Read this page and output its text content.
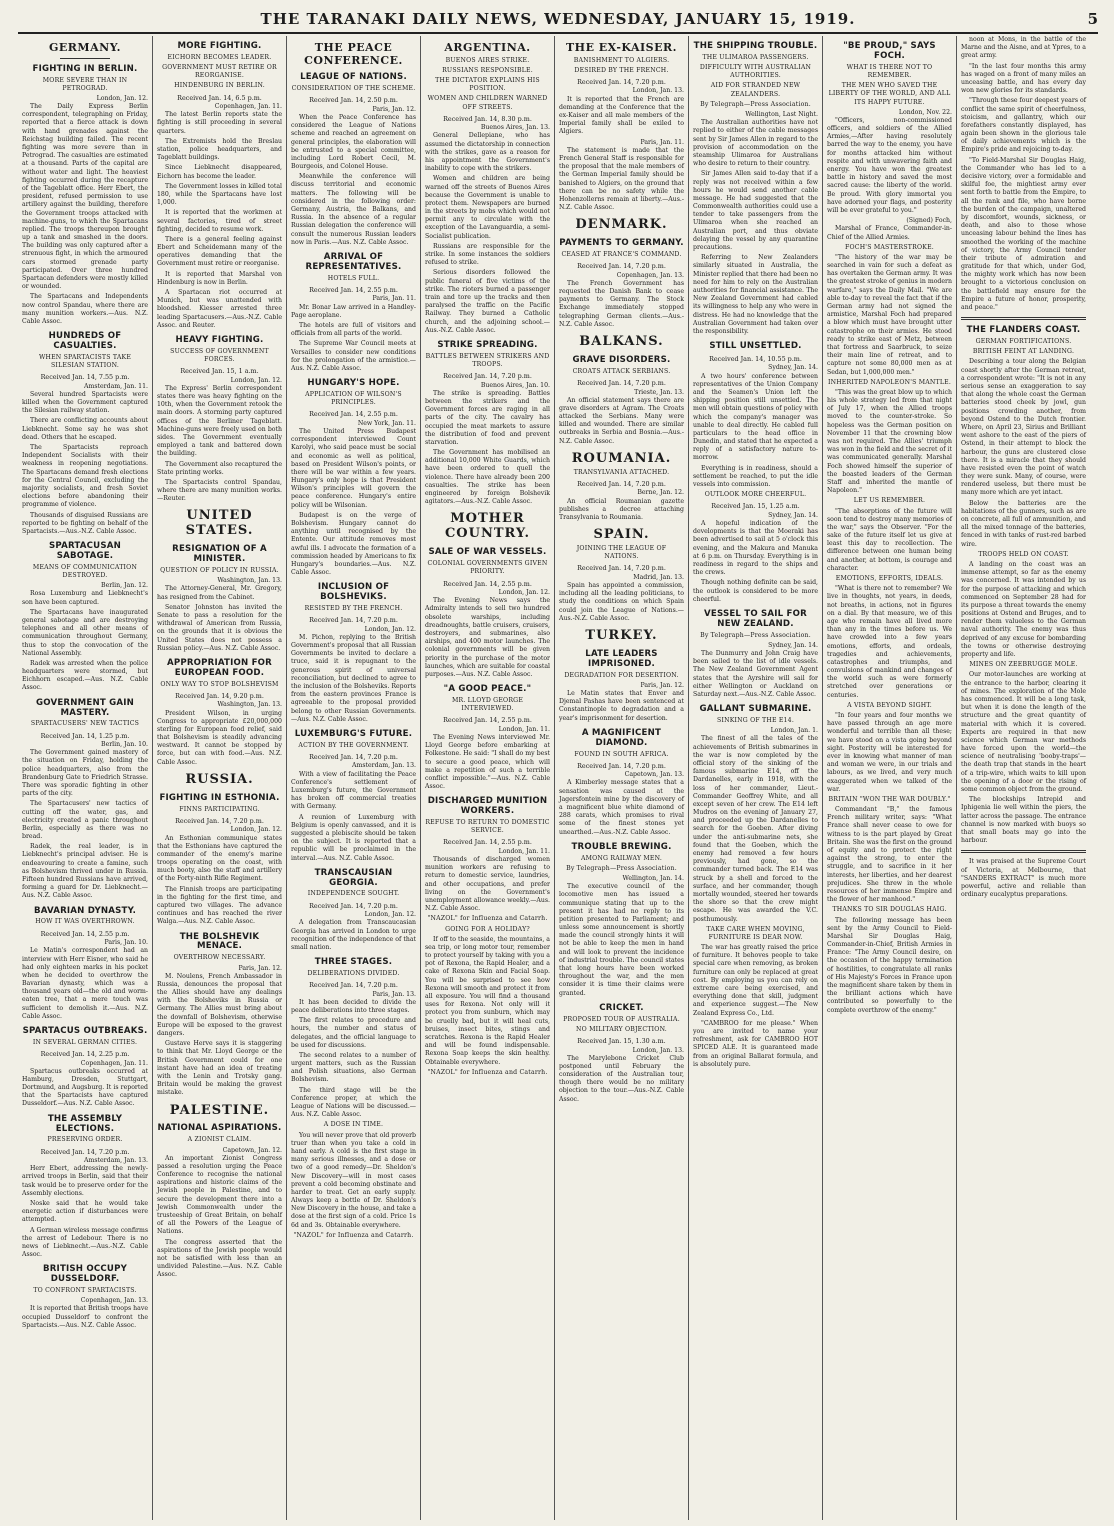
THE TARANAKI DAILY NEWS, WEDNESDAY, JANUARY 15, 1919.	5
GERMANY.
FIGHTING IN BERLIN.
MORE SEVERE THAN IN PETROGRAD.
London, Jan. 12.

The Daily Express Berlin correspondent, telegraphing on Friday, reported that a fierce attack is down with hand grenades against the Reichstag building failed. The recent fighting was more severe than in Petrograd. The casualties are estimated at a thousand. Parts of the capital are without water and light. The heaviest fighting occurred during the recapture of the Tageblatt office. Herr Ebert, the president, refused permission to use artillery against the building, therefore the Government troops attacked with machine-guns, to which the Spartacans replied. The troops thereupon brought up a tank and smashed in the doors. The building was only captured after a strenuous fight, in which the armoured cars stormed grenade party participated. Over three hundred Spartacan defenders were mostly killed or wounded.

The Spartacans and Independents now control Spandau, where there are many munition workers.—Aus. N.Z. Cable Assoc.

HUNDREDS OF CASUALTIES.
WHEN SPARTACISTS TAKE SILESIAN STATION.
Received Jan. 14, 7.55 p.m.
Amsterdam, Jan. 11.

Several hundred Spartacists were killed when the Government captured the Silesian railway station.

There are conflicting accounts about Liebknecht. Some say he was shot dead. Others that he escaped.

The Spartacists reproach Independent Socialists with their weakness in reopening negotiations. The Spartacans demand fresh elections for the Central Council, excluding the majority socialists, and fresh Soviet elections before abandoning their programme of violence.

Thousands of disguised Russians are reported to be fighting on behalf of the Spartacists.—Aus.-N.Z. Cable Assoc.

SPARTACUSAN SABOTAGE.
MEANS OF COMMUNICATION DESTROYED.
Berlin, Jan. 12.

Rosa Luxemburg and Liebknecht's son have been captured.

The Spartacans have inaugurated general sabotage and are destroying telephones and all other means of communication throughout Germany, thus to stop the convocation of the National Assembly.

Radek was arrested when the police headquarters were stormed, but Eichhorn escaped.—Aus. N.Z. Cable Assoc.

GOVERNMENT GAIN MASTERY.
SPARTACUSERS' NEW TACTICS
Received Jan. 14, 1.25 p.m.
Berlin, Jan. 10.

The Government gained mastery of the situation on Friday, holding the police headquarters, also from the Brandenburg Gate to Friedrich Strasse. There was sporadic fighting in other parts of the city.

The Spartacusers' new tactics of cutting off the water, gas, and electricity created a panic throughout Berlin, especially as there was no bread.

Radek, the real leader, is in Liebknecht's principal adviser. He is endeavouring to create a famine, such as Bolshevism thrived under in Russia. Fifteen hundred Russians have arrived, forming a guard for Dr. Liebknecht.—Aus. N.Z. Cable Assoc.

BAVARIAN DYNASTY.
HOW IT WAS OVERTHROWN.
Received Jan. 14, 2.55 p.m.
Paris, Jan. 10.

Le Matin's correspondent had an interview with Herr Eisner, who said he had only eighteen marks in his pocket when he decided to overthrow the Bavarian dynasty, which was a thousand years old—the old and worm-eaten tree, that a mere touch was sufficient to demolish it.—Aus. N.Z. Cable Assoc.

SPARTACUS OUTBREAKS.
IN SEVERAL GERMAN CITIES.
Received Jan. 14, 2.25 p.m.
Copenhagen, Jan. 11.

Spartacus outbreaks occurred at Hamburg, Dresden, Stuttgart, Dortmund, and Augsburg. It is reported that the Spartacists have captured Dusseldorf.—Aus. N.Z. Cable Assoc.

THE ASSEMBLY ELECTIONS.
PRESERVING ORDER.
Received Jan. 14, 7.20 p.m.
Amsterdam, Jan. 13.

Herr Ebert, addressing the newly-arrived troops in Berlin, said that their task would be to preserve order for the Assembly elections.

Noske said that he would take energetic action if disturbances were attempted.

A German wireless message confirms the arrest of Ledebour. There is no news of Liebknecht.—Aus.-N.Z. Cable Assoc.

BRITISH OCCUPY DUSSELDORF.
TO CONFRONT SPARTACISTS.
Copenhagen, Jan. 13.

It is reported that British troops have occupied Dusseldorf to confront the Spartacists.—Aus. N.Z. Cable Assoc.

MORE FIGHTING.
EICHORN BECOMES LEADER.
GOVERNMENT MUST RETIRE OR REORGANISE.
HINDENBURG IN BERLIN.
Received Jan. 14, 6.5 p.m.
Copenhagen, Jan. 11.

The latest Berlin reports state the fighting is still proceeding in several quarters.

The Extremists hold the Breslau station, police headquarters, and Tageblatt buildings.

Since Liebknecht disappeared, Eichorn has become the leader.

The Government losses in killed total 180, while the Spartacans have lost 1,000.

It is reported that the workmen at several factories, tired of street fighting, decided to resume work.

There is a general feeling against Ebert and Scheidemann many of the operatives demanding that the Government must retire or reorganise.

It is reported that Marshal von Hindenburg is now in Berlin.

A Spartacan riot occurred at Munich, but was unattended with bloodshed. Kiesser arrested three leading Spartacusers.—Aus.-N.Z. Cable Assoc. and Reuter.

HEAVY FIGHTING.
SUCCESS OF GOVERNMENT FORCES.
Received Jan. 15, 1 a.m.
London, Jan. 12.

The Express' Berlin correspondent states there was heavy fighting on the 10th, when the Government retook the main doors. A storming party captured offices of the Berliner Tageblatt. Machine-guns were freely used on both sides. The Government eventually employed a tank and battered down the building.

The Government also recaptured the State printing works.

The Spartacists control Spandau, where there are many munition works.—Reuter.

UNITED STATES.
RESIGNATION OF A MINISTER.
QUESTION OF POLICY IN RUSSIA.
Washington, Jan. 13.

The Attorney-General, Mr. Gregory, has resigned from the Cabinet.

Senator Johnston has invited the Senate to pass a resolution for the withdrawal of American from Russia, on the grounds that it is obvious the United States does not possess a Russian policy.—Aus. N.Z. Cable Assoc.

APPROPRIATION FOR EUROPEAN FOOD.
ONLY WAY TO STOP BOLSHEVISM
Received Jan. 14, 9.20 p.m.
Washington, Jan. 13.

President Wilson, in urging Congress to appropriate £20,000,000 sterling for European food relief, said that Bolshevism is steadily advancing westward. It cannot be stopped by force, but can with food.—Aus. N.Z. Cable Assoc.

RUSSIA.
FIGHTING IN ESTHONIA.
FINNS PARTICIPATING.
Received Jan. 14, 7.20 p.m.
London, Jan. 12.

An Esthonian communique states that the Esthonians have captured the commander of the enemy's marine troops operating on the coast, with much booty, also the staff and artillery of the Forty-ninth Rifle Regiment.

The Finnish troops are participating in the fighting for the first time, and captured two villages. The advance continues and has reached the river Walga.—Aus. N.Z. Cable Assoc.

THE BOLSHEVIK MENACE.
OVERTHROW NECESSARY.
Paris, Jan. 12.

M. Noulens, French Ambassador in Russia, denounces the proposal that the Allies should have any dealings with the Bolsheviks in Russia or Germany. The Allies must bring about the downfall of Bolshevism, otherwise Europe will be exposed to the gravest dangers.

Gustave Herve says it is staggering to think that Mr. Lloyd George or the British Government could for one instant have had an idea of treating with the Lenin and Trotsky gang. Britain would be making the gravest mistake.

PALESTINE.
NATIONAL ASPIRATIONS.
A ZIONIST CLAIM.
Capetown, Jan. 12.

An important Zionist Congress passed a resolution urging the Peace Conference to recognise the national aspirations and historic claims of the Jewish people in Palestine, and to secure the development there into a Jewish Commonwealth under the trusteeship of Great Britain, on behalf of all the Powers of the League of Nations.

The congress asserted that the aspirations of the Jewish people would not be satisfied with less than an undivided Palestine.—Aus. N.Z. Cable Assoc.

THE PEACE CONFERENCE.
LEAGUE OF NATIONS.
CONSIDERATION OF THE SCHEME.
Received Jan. 14, 2.50 p.m.
Paris, Jan. 12.

When the Peace Conference has considered the League of Nations scheme and reached an agreement on general principles, the elaboration will be entrusted to a special committee, including Lord Robert Cecil, M. Bourgeois, and Colonel House.

Meanwhile the conference will discuss territorial and economic matters. The following will be considered in the following order: Germany, Austria, the Balkans, and Russia. In the absence of a regular Russian delegation the conference will consult the numerous Russian leaders now in Paris.—Aus. N.Z. Cable Assoc.

ARRIVAL OF REPRESENTATIVES.
HOTELS FULL.
Received Jan. 14, 2.55 p.m.
Paris, Jan. 11.

Mr. Bonar Law arrived in a Handley-Page aeroplane.

The hotels are full of visitors and officials from all parts of the world.

The Supreme War Council meets at Versailles to consider new conditions for the prolongation of the armistice.—Aus. N.Z. Cable Assoc.

HUNGARY'S HOPE.
APPLICATION OF WILSON'S PRINCIPLES.
Received Jan. 14, 2.55 p.m.
New York, Jan. 11.

The United Press Budapest correspondent interviewed Count Karolyi, who said peace must be social and economic as well as political, based on President Wilson's points, or there will be war within a few years. Hungary's only hope is that President Wilson's principles will govern the peace conference. Hungary's entire policy will be Wilsonian.

Budapest is on the verge of Bolshevism. Hungary cannot do anything until recognised by the Entente. Our attitude removes most awful ills. I advocate the formation of a commission headed by Americans to fix Hungary's boundaries.—Aus. N.Z. Cable Assoc.

INCLUSION OF BOLSHEVIKS.
RESISTED BY THE FRENCH.
Received Jan. 14, 7.20 p.m.
London, Jan. 12.

M. Pichon, replying to the British Government's proposal that all Russian Governments be invited to declare a truce, said it is repugnant to the generous spirit of universal reconciliation, but declined to agree to the inclusion of the Bolsheviks. Reports from the eastern provinces France is agreeable to the proposal provided belong to other Russian Governments.—Aus. N.Z. Cable Assoc.

LUXEMBURG'S FUTURE.
ACTION BY THE GOVERNMENT.
Received Jan. 14, 7.20 p.m.
Amsterdam, Jan. 13.

With a view of facilitating the Peace Conference's settlement of Luxemburg's future, the Government has broken off commercial treaties with Germany.

A reunion of Luxemburg with Belgium is openly canvassed, and it is suggested a plebiscite should be taken on the subject. It is reported that a republic will be proclaimed in the interval.—Aus. N.Z. Cable Assoc.

TRANSCAUSIAN GEORGIA.
INDEPENDENCE SOUGHT.
Received Jan. 14, 7.20 p.m.
London, Jan. 12.

A delegation from Transcaucasian Georgia has arrived in London to urge recognition of the independence of that small nation.

THREE STAGES.
DELIBERATIONS DIVIDED.
Received Jan. 14, 7.20 p.m.
Paris, Jan. 13.

It has been decided to divide the peace deliberations into three stages.

The first relates to procedure and hours, the number and status of delegates, and the official language to be used for discussions.

The second relates to a number of urgent matters, such as the Russian and Polish situations, also German Bolshevism.

The third stage will be the Conference proper, at which the League of Nations will be discussed.—Aus. N.Z. Cable Assoc.

A DOSE IN TIME.

You will never prove that old proverb truer than when you take a cold in hand early. A cold is the first stage in many serious illnesses, and a dose or two of a good remedy—Dr. Sheldon's New Discovery—will in most cases prevent a cold becoming obstinate and harder to treat. Get an early supply. Always keep a bottle of Dr. Sheldon's New Discovery in the house, and take a dose at the first sign of a cold. Price 1s 6d and 3s. Obtainable everywhere.

"NAZOL" for Influenza and Catarrh.
ARGENTINA.
BUENOS AIRES STRIKE.
RUSSIANS RESPONSIBLE.
THE DICTATOR EXPLAINS HIS POSITION.
WOMEN AND CHILDREN WARNED OFF STREETS.
Received Jan. 14, 8.30 p.m.
Buenos Aires, Jan. 13.

General Dellepiane, who has assumed the dictatorship in connection with the strikes, gave as a reason for his appointment the Government's inability to cope with the strikers.

Women and children are being warned off the streets of Buenos Aires because the Government is unable to protect them. Newspapers are burned in the streets by mobs which would not permit any to circulate with the exception of the Lavanguardia, a semi-Socialist publication.

Russians are responsible for the strike. In some instances the soldiers refused to strike.

Serious disorders followed the public funeral of five victims of the strike. The rioters burned a passenger train and tore up the tracks and then paralysed the traffic on the Pacific Railway. They burned a Catholic church, and the adjoining school.—Aus.-N.Z. Cable Assoc.

STRIKE SPREADING.
BATTLES BETWEEN STRIKERS AND TROOPS.
Received Jan. 14, 7.20 p.m.
Buenos Aires, Jan. 10.

The strike is spreading. Battles between the strikers and the Government forces are raging in all parts of the city. The cavalry has occupied the meat markets to assure the distribution of food and prevent starvation.

The Government has mobilised an additional 10,000 White Guards, which have been ordered to quell the violence. There have already been 200 casualties. The strike has been engineered by foreign Bolshevik agitators.—Aus.-N.Z. Cable Assoc.

MOTHER COUNTRY.
SALE OF WAR VESSELS.
COLONIAL GOVERNMENTS GIVEN PRIORITY.
Received Jan. 14, 2.55 p.m.
London, Jan. 12.

The Evening News says the Admiralty intends to sell two hundred obsolete warships, including dreadnoughts, battle cruisers, cruisers, destroyers, and submarines, also airships, and 400 motor launches. The colonial governments will be given priority in the purchase of the motor launches, which are suitable for coastal purposes.—Aus. N.Z. Cable Assoc.

"A GOOD PEACE."
MR. LLOYD GEORGE INTERVIEWED.
Received Jan. 14, 2.55 p.m.
London, Jan. 11.

The Evening News interviewed Mr. Lloyd George before embarking at Folkestone. He said: "I shall do my best to secure a good peace, which will make a repetition of such a terrible conflict impossible."—Aus. N.Z. Cable Assoc.

DISCHARGED MUNITION WORKERS.
REFUSE TO RETURN TO DOMESTIC SERVICE.
Received Jan. 14, 2.55 p.m.
London, Jan. 11.

Thousands of discharged women munition workers are refusing to return to domestic service, laundries, and other occupations, and prefer living on the Government's unemployment allowance weekly.—Aus. N.Z. Cable Assoc.

"NAZOL" for Influenza and Catarrh.
GOING FOR A HOLIDAY?

If off to the seaside, the mountains, a sea trip, or long motor tour, remember to protect yourself by taking with you a pot of Rexona, the Rapid Healer, and a cake of Rexona Skin and Facial Soap. You will be surprised to see how Rexona will smooth and protect it from all exposure. You will find a thousand uses for Rexona. Not only will it protect you from sunburn, which may be cruelly bad, but it will heal cuts, bruises, insect bites, stings and scratches. Rexona is the Rapid Healer and will be found indispensable. Rexona Soap keeps the skin healthy. Obtainable everywhere.

"NAZOL" for Influenza and Catarrh.
THE EX-KAISER.
BANISHMENT TO ALGIERS.
DESIRED BY THE FRENCH.
Received Jan. 14, 7.20 p.m.
London, Jan. 13.

It is reported that the French are demanding at the Conference that the ex-Kaiser and all male members of the Imperial family shall be exiled to Algiers.

Paris, Jan. 11.

The statement is made that the French General Staff is responsible for the proposal that the male members of the German Imperial family should be banished to Algiers, on the ground that there can be no safety while the Hohenzollerns remain at liberty.—Aus.-N.Z. Cable Assoc.

DENMARK.
PAYMENTS TO GERMANY.
CEASED AT FRANCE'S COMMAND.
Received Jan. 14, 7.20 p.m.
Copenhagen, Jan. 13.

The French Government has requested the Danish Bank to cease payments to Germany. The Stock Exchange immediately stopped telegraphing German clients.—Aus.-N.Z. Cable Assoc.

BALKANS.
GRAVE DISORDERS.
CROATS ATTACK SERBIANS.
Received Jan. 14, 7.20 p.m.
Trieste, Jan. 13.

An official statement says there are grave disorders at Agram. The Croats attacked the Serbians. Many were killed and wounded. There are similar outbreaks in Serbia and Bosnia.—Aus.-N.Z. Cable Assoc.

ROUMANIA.
TRANSYLVANIA ATTACHED.
Received Jan. 14, 7.20 p.m.
Berne, Jan. 12.

An official Roumanian gazette publishes a decree attaching Transylvania to Roumania.

SPAIN.
JOINING THE LEAGUE OF NATIONS.
Received Jan. 14, 7.20 p.m.
Madrid, Jan. 13.

Spain has appointed a commission, including all the leading politicians, to study the conditions on which Spain could join the League of Nations.—Aus.-N.Z. Cable Assoc.

TURKEY.
LATE LEADERS IMPRISONED.
DEGRADATION FOR DESERTION.
Paris, Jan. 12.

Le Matin states that Enver and Djemal Pashas have been sentenced at Constantinople to degradation and a year's imprisonment for desertion.

A MAGNIFICENT DIAMOND.
FOUND IN SOUTH AFRICA.
Received Jan. 14, 7.20 p.m.
Capetown, Jan. 13.

A Kimberley message states that a sensation was caused at the Jagersfontein mine by the discovery of a magnificent blue white diamond of 288 carats, which promises to rival some of the finest stones yet unearthed.—Aus.-N.Z. Cable Assoc.

TROUBLE BREWING.
AMONG RAILWAY MEN.
By Telegraph—Press Association.
Wellington, Jan. 14.

The executive council of the locomotive men has issued a communique stating that up to the present it has had no reply to its petition presented to Parliament; and unless some announcement is shortly made the council strongly hints it will not be able to keep the men in hand and will look to prevent the incidence of industrial trouble. The council states that long hours have been worked throughout the war, and the men consider it is time their claims were granted.

CRICKET.
PROPOSED TOUR OF AUSTRALIA.
NO MILITARY OBJECTION.
Received Jan. 15, 1.30 a.m.
London, Jan. 13.

The Marylebone Cricket Club postponed until February the consideration of the Australian tour, though there would be no military objection to the tour.—Aus.-N.Z. Cable Assoc.

THE SHIPPING TROUBLE.
THE ULIMAROA PASSENGERS.
DIFFICULTY WITH AUSTRALIAN AUTHORITIES.
AID FOR STRANDED NEW ZEALANDERS.
By Telegraph—Press Association.
Wellington, Last Night.

The Australian authorities have not replied to either of the cable messages sent by Sir James Allen in regard to the provision of accommodation on the steamship Ulimaroa for Australians who desire to return to their country.

Sir James Allen said to-day that if a reply was not received within a few hours he would send another cable message. He had suggested that the Commonwealth authorities could use a tender to take passengers from the Ulimaroa when she reached an Australian port, and thus obviate delaying the vessel by any quarantine precautions.

Referring to New Zealanders similarly situated in Australia, the Minister replied that there had been no need for him to rely on the Australian authorities for financial assistance. The New Zealand Government had cabled its willingness to help any who were in distress. He had no knowledge that the Australian Government had taken over the responsibility.

STILL UNSETTLED.
Received Jan. 14, 10.55 p.m.
Sydney, Jan. 14.

A two hours' conference between representatives of the Union Company and the Seamen's Union left the shipping position still unsettled. The men will obtain questions of policy with which the company's manager was unable to deal directly. He cabled full particulars to the head office in Dunedin, and stated that he expected a reply of a satisfactory nature to-morrow.

Everything is in readiness, should a settlement be reached, to put the idle vessels into commission.

OUTLOOK MORE CHEERFUL.
Received Jan. 15, 1.25 a.m.
Sydney, Jan. 14.

A hopeful indication of the developments is that the Moeraki has been advertised to sail at 5 o'clock this evening, and the Makura and Manuka at 6 p.m. on Thursday. Everything is in readiness in regard to the ships and the crews.

Though nothing definite can be said, the outlook is considered to be more cheerful.

VESSEL TO SAIL FOR NEW ZEALAND.
By Telegraph—Press Association.
Sydney, Jan. 14.

The Dunmurry and John Craig have been sailed to the list of idle vessels. The New Zealand Government Agent states that the Ayrshire will sail for either Wellington or Auckland on Saturday next.—Aus.-N.Z. Cable Assoc.

GALLANT SUBMARINE.
SINKING OF THE E14.
London, Jan. 1.

The finest of all the tales of the achievements of British submarines in the war is now completed by the official story of the sinking of the famous submarine E14, off the Dardanelles, early in 1918, with the loss of her commander, Lieut.-Commander Geoffrey White, and all except seven of her crew. The E14 left Mudros on the evening of January 27, and proceeded up the Dardanelles to search for the Goeben. After diving under the anti-submarine nets, she found that the Goeben, which the enemy had removed a few hours previously, had gone, so the commander turned back. The E14 was struck by a shell and forced to the surface, and her commander, though mortally wounded, steered her towards the shore so that the crew might escape. He was awarded the V.C. posthumously.

TAKE CARE WHEN MOVING, FURNITURE IS DEAR NOW.

The war has greatly raised the price of furniture. It behoves people to take special care when removing, as broken furniture can only be replaced at great cost. By employing us you can rely on extreme care being exercised, and everything done that skill, judgment and experience suggest.—The New Zealand Express Co., Ltd.

"CAMBROO for me please." When you are invited to name your refreshment, ask for CAMBROO HOT SPICED ALE. It is guaranteed made from an original Ballarat formula, and is absolutely pure.

"BE PROUD," SAYS FOCH.
WHAT IS THERE NOT TO REMEMBER.
THE MEN WHO SAVED THE LIBERTY OF THE WORLD, AND ALL ITS HAPPY FUTURE.
London, Nov. 22.

"Officers, non-commissioned officers, and soldiers of the Allied Armies,—After having resolutely barred the way to the enemy, you have for months attacked him without respite and with unwavering faith and energy. You have won the greatest battle in history and saved the most sacred cause: the liberty of the world. Be proud. With glory immortal you have adorned your flags, and posterity will be ever grateful to you."

(Signed) Foch,

Marshal of France, Commander-in-Chief of the Allied Armies.

FOCH'S MASTERSTROKE.

"The history of the war may be searched in vain for such a defeat as has overtaken the German army. It was the greatest stroke of genius in modern warfare," says the Daily Mail. "We are able to-day to reveal the fact that if the German army had not signed the armistice, Marshal Foch had prepared a blow which must have brought utter catastrophe on their armies. He stood ready to strike east of Metz, between that fortress and Saarbruck, to seize their main line of retreat, and to capture not some 80,000 men as at Sedan, but 1,000,000 men."

INHERITED NAPOLEON'S MANTLE.

"This was the great blow up to which his whole strategy led from that night of July 17, when the Allied troops moved to the counter-stroke. So hopeless was the German position on November 11 that the crowning blow was not required. The Allies' triumph was won in the field and the secret of it was communicated generally. Marshal Foch showed himself the superior of the boasted leaders of the German Staff and inherited the mantle of Napoleon."

LET US REMEMBER.

"The absorptions of the future will soon tend to destroy many memories of the war," says the Observer. "For the sake of the future itself let us give at least this day to recollection. The difference between one human being and another, at bottom, is courage and character.

EMOTIONS, EFFORTS, IDEALS.

"What is there not to remember? We live in thoughts, not years, in deeds, not breaths, in actions, not in figures on a dial. By that measure, we of this age who remain have all lived more than any in the times before us. We have crowded into a few years emotions, efforts, and ordeals, tragedies and achievements, catastrophes and triumphs, and convulsions of mankind and changes of the world such as were formerly stretched over generations or centuries.

A VISTA BEYOND SIGHT.

"In four years and four months we have passed through an age more wonderful and terrible than all these; we have stood on a vista going beyond sight. Posterity will be interested for ever in knowing what manner of man and woman we were, in our trials and labours, as we lived, and very much exaggerated when we talked of the war.

BRITAIN "WON THE WAR DOUBLY."

Commandant "B," the famous French military writer, says: "What France shall never cease to owe for witness to is the part played by Great Britain. She was the first on the ground of equity and to protect the right against the strong, to enter the struggle, and to sacrifice in it her interests, her liberties, and her dearest prejudices. She threw in the whole resources of her immense Empire and the flower of her manhood."

THANKS TO SIR DOUGLAS HAIG.

The following message has been sent by the Army Council to Field-Marshal Sir Douglas Haig, Commander-in-Chief, British Armies in France: "The Army Council desire, on the occasion of the happy termination of hostilities, to congratulate all ranks of His Majesty's Forces in France upon the magnificent share taken by them in the brilliant actions which have contributed so powerfully to the complete overthrow of the enemy."

noon at Mons, in the battle of the Marne and the Aisne, and at Ypres, to a great army.

"In the last four months this army has waged on a front of many miles an unceasing battle, and has every day won new glories for its standards.

"Through these four deepest years of conflict the same spirit of cheerfulness, stoicism, and gallantry, which our forefathers constantly displayed, has again been shown in the glorious tale of daily achievements which is the Empire's pride and rejoicing to-day.

"To Field-Marshal Sir Douglas Haig, the Commander who has led to a decisive victory, over a formidable and skilful foe, the mightiest army ever sent forth to battle from the Empire, to all the rank and file, who have borne the burden of the campaign, unaltered by discomfort, wounds, sickness, or death, and also to those whose unceasing labour behind the lines has smoothed the working of the machine of victory, the Army Council tender their tribute of admiration and gratitude for that which, under God, the mighty work which has now been brought to a victorious conclusion on the battlefield may ensure for the Empire a future of honor, prosperity, and peace."

THE FLANDERS COAST.
GERMAN FORTIFICATIONS.
BRITISH FEINT AT LANDING.

Describing a tour along the Belgian coast shortly after the German retreat, a correspondent wrote: "It is not in any serious sense an exaggeration to say that along the whole coast the German batteries stood cheek by jowl, gun positions crowding another, from beyond Ostend to the Dutch frontier. Where, on April 23, Sirius and Brilliant went ashore to the east of the piers of Ostend, in their attempt to block the harbour, the guns are clustered close there. It is a miracle that they should have resisted even the point of watch they were sunk. Many, of course, were rendered useless, but there must be many more which are yet intact.

Below the batteries are the habitations of the gunners, such as are on concrete, all full of ammunition, and all the mixed tonnage of the batteries, fenced in with tanks of rust-red barbed wire.

TROOPS HELD ON COAST.

A landing on the coast was an immense attempt, so far as the enemy was concerned. It was intended by us for the purpose of attacking and which commenced on September 28 had for its purpose a threat towards the enemy positions at Ostend and Bruges, and to render them valueless to the German naval authority. The enemy was thus deprived of any excuse for bombarding the towns or otherwise destroying property and life.

MINES ON ZEEBRUGGE MOLE.

Our motor-launches are working at the entrance to the harbor, clearing it of mines. The exploration of the Mole has commenced. It will be a long task, but when it is done the length of the structure and the great quantity of material with which it is covered. Experts are required in that new science which German war methods have forced upon the world—the science of neutralising 'booby-traps'—the death trap that stands in the heart of a trip-wire, which waits to kill upon the opening of a door or the rising of some common object from the ground.

The blockships Intrepid and Iphigenia lie well within the piers, the latter across the passage. The entrance channel is now marked with buoys so that small boats may go into the harbour.

It was praised at the Supreme Court of Victoria, at Melbourne, that "SANDERS EXTRACT" is much more powerful, active and reliable than ordinary eucalyptus preparations.
